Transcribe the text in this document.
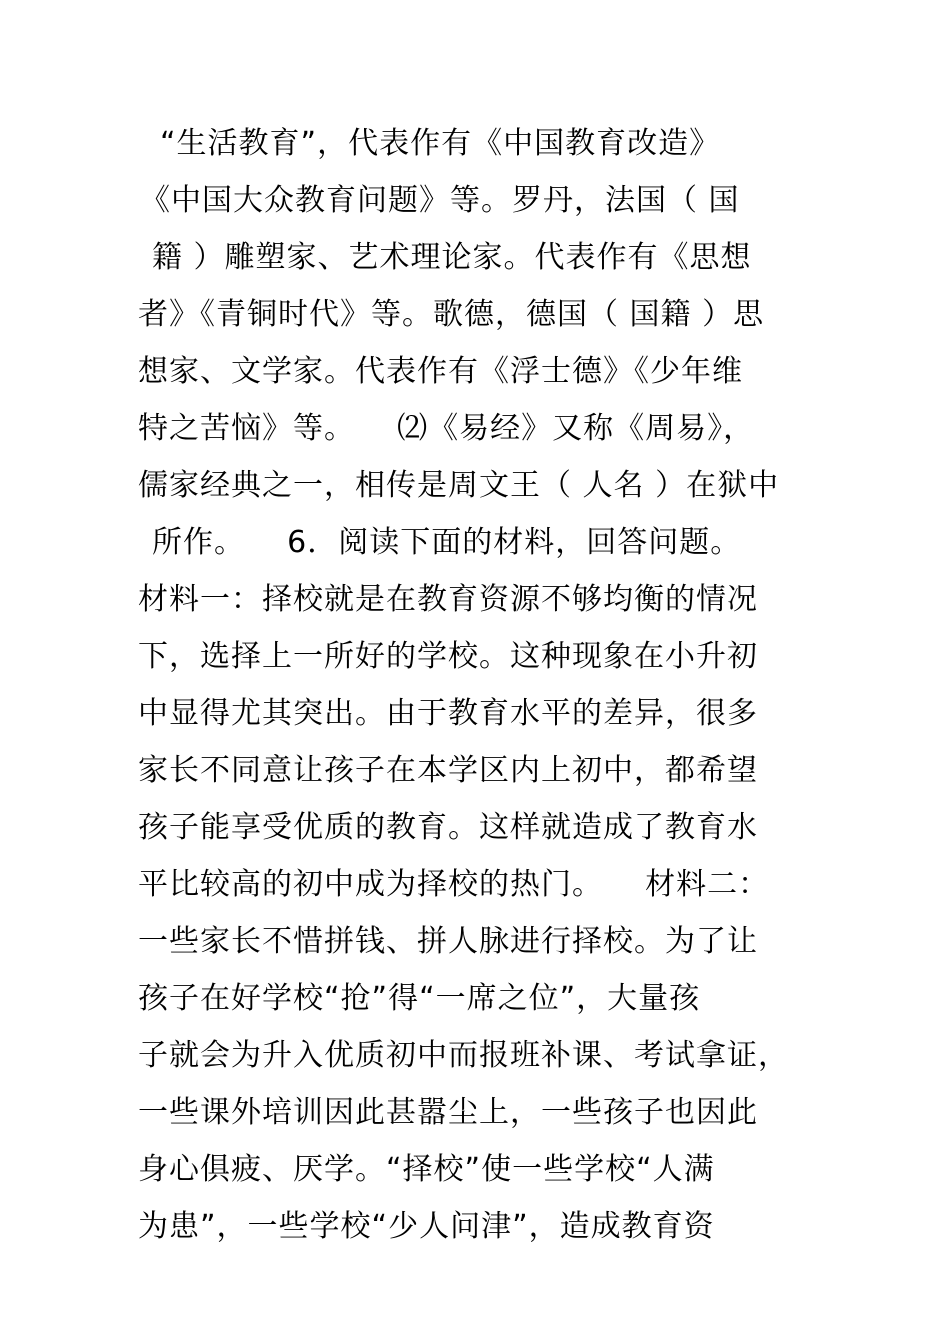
“生活教育”，代表作有《中国教育改造》
《中国大众教育问题》等。罗丹，法国（ 国
籍 ）雕塑家、艺术理论家。代表作有《思想
者》《青铜时代》等。歌德，德国（ 国籍 ）思
想家、文学家。代表作有《浮士德》《少年维
特之苦恼》等。    ⑵《易经》又称《周易》，
儒家经典之一，相传是周文王（ 人名 ）在狱中
所作。    6．阅读下面的材料，回答问题。
材料一：择校就是在教育资源不够均衡的情况
下，选择上一所好的学校。这种现象在小升初
中显得尤其突出。由于教育水平的差异，很多
家长不同意让孩子在本学区内上初中，都希望
孩子能享受优质的教育。这样就造成了教育水
平比较高的初中成为择校的热门。    材料二：
一些家长不惜拼钱、拼人脉进行择校。为了让
孩子在好学校“抢”得“一席之位”，大量孩
子就会为升入优质初中而报班补课、考试拿证，
一些课外培训因此甚嚣尘上，一些孩子也因此
身心俱疲、厌学。“择校”使一些学校“人满
为患”，一些学校“少人问津”，造成教育资
